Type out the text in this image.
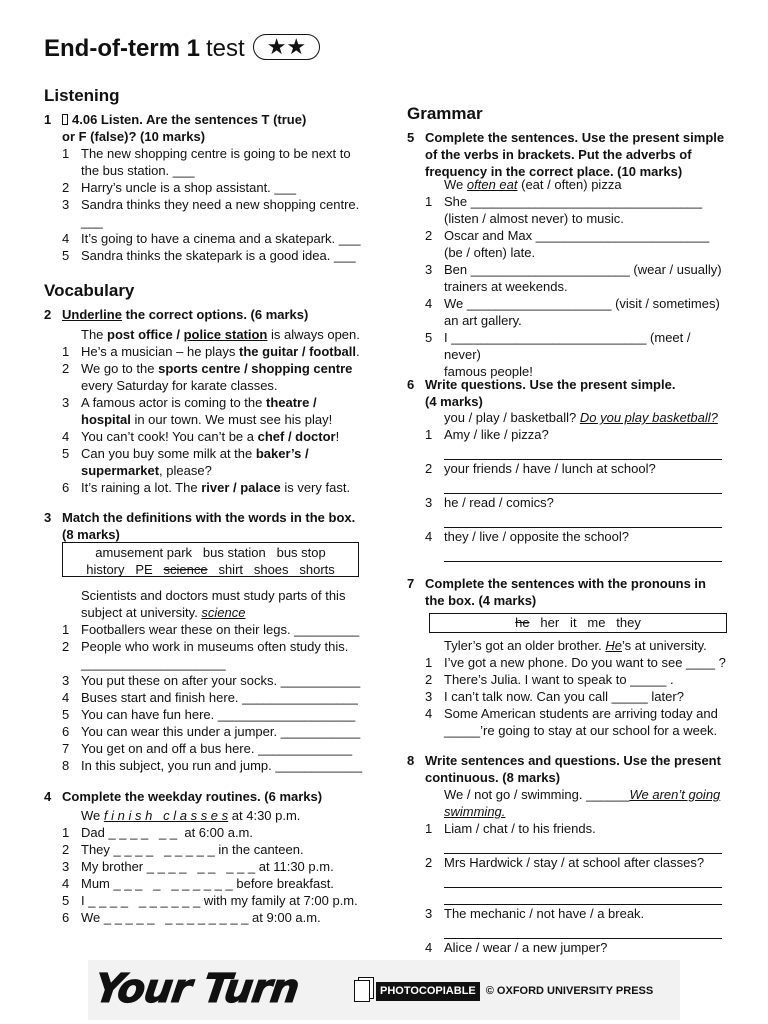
End-of-term 1 test ★★
Listening
1	4.06 Listen. Are the sentences T (true)
or F (false)? (10 marks)
1 The new shopping centre is going to be next to
the bus station. ___
2 Harry’s uncle is a shop assistant. ___
3 Sandra thinks they need a new shopping centre.
___
4 It’s going to have a cinema and a skatepark. ___
5 Sandra thinks the skatepark is a good idea. ___
Vocabulary
2 Underline the correct options. (6 marks)
The post office / police station is always open.
1 He’s a musician – he plays the guitar / football.
2 We go to the sports centre / shopping centre
every Saturday for karate classes.
3 A famous actor is coming to the theatre /
hospital in our town. We must see his play!
4 You can’t cook! You can’t be a chef / doctor!
5 Can you buy some milk at the baker’s /
supermarket, please?
6 It’s raining a lot. The river / palace is very fast.
3 Match the definitions with the words in the box.
(8 marks)
amusement park   bus station   bus stop
history   PE   science   shirt   shoes   shorts
Scientists and doctors must study parts of this
subject at university. science
1 Footballers wear these on their legs. _________
2 People who work in museums often study this.
____________________
3 You put these on after your socks. ___________
4 Buses start and finish here. ________________
5 You can have fun here. ___________________
6 You can wear this under a jumper. ___________
7 You get on and off a bus here. _____________
8 In this subject, you run and jump. ____________
4 Complete the weekday routines. (6 marks)
We f i n i s h   c l a s s e s at 4:30 p.m.
1 Dad _ _ _ _   _ _  at 6:00 a.m.
2 They _ _ _ _   _ _ _ _ _ in the canteen.
3 My brother _ _ _ _   _ _   _ _ _ at 11:30 p.m.
4 Mum _ _ _   _   _ _ _ _ _ _ before breakfast.
5 I _ _ _ _   _ _ _ _ _ _ with my family at 7:00 p.m.
6 We _ _ _ _ _   _ _ _ _ _ _ _ _ at 9:00 a.m.
Grammar
5 Complete the sentences. Use the present simple
of the verbs in brackets. Put the adverbs of
frequency in the correct place. (10 marks)
We often eat (eat / often) pizza
1 She ________________________________
(listen / almost never) to music.
2 Oscar and Max ________________________
(be / often) late.
3 Ben ______________________ (wear / usually)
trainers at weekends.
4 We ____________________ (visit / sometimes)
an art gallery.
5 I ___________________________ (meet / never)
famous people!
6 Write questions. Use the present simple.
(4 marks)
you / play / basketball? Do you play basketball?
1 Amy / like / pizza?
2 your friends / have / lunch at school?
3 he / read / comics?
4 they / live / opposite the school?
7 Complete the sentences with the pronouns in
the box. (4 marks)
he   her   it   me   they
Tyler’s got an older brother. He’s at university.
1 I’ve got a new phone. Do you want to see ____ ?
2 There’s Julia. I want to speak to _____ .
3 I can’t talk now. Can you call _____ later?
4 Some American students are arriving today and
_____’re going to stay at our school for a week.
8 Write sentences and questions. Use the present
continuous. (8 marks)
We / not go / swimming. ______We aren’t going
swimming.
1 Liam / chat / to his friends.
2 Mrs Hardwick / stay / at school after classes?
3 The mechanic / not have / a break.
4 Alice / wear / a new jumper?
Your Turn	PHOTOCOPIABLE © OXFORD UNIVERSITY PRESS
